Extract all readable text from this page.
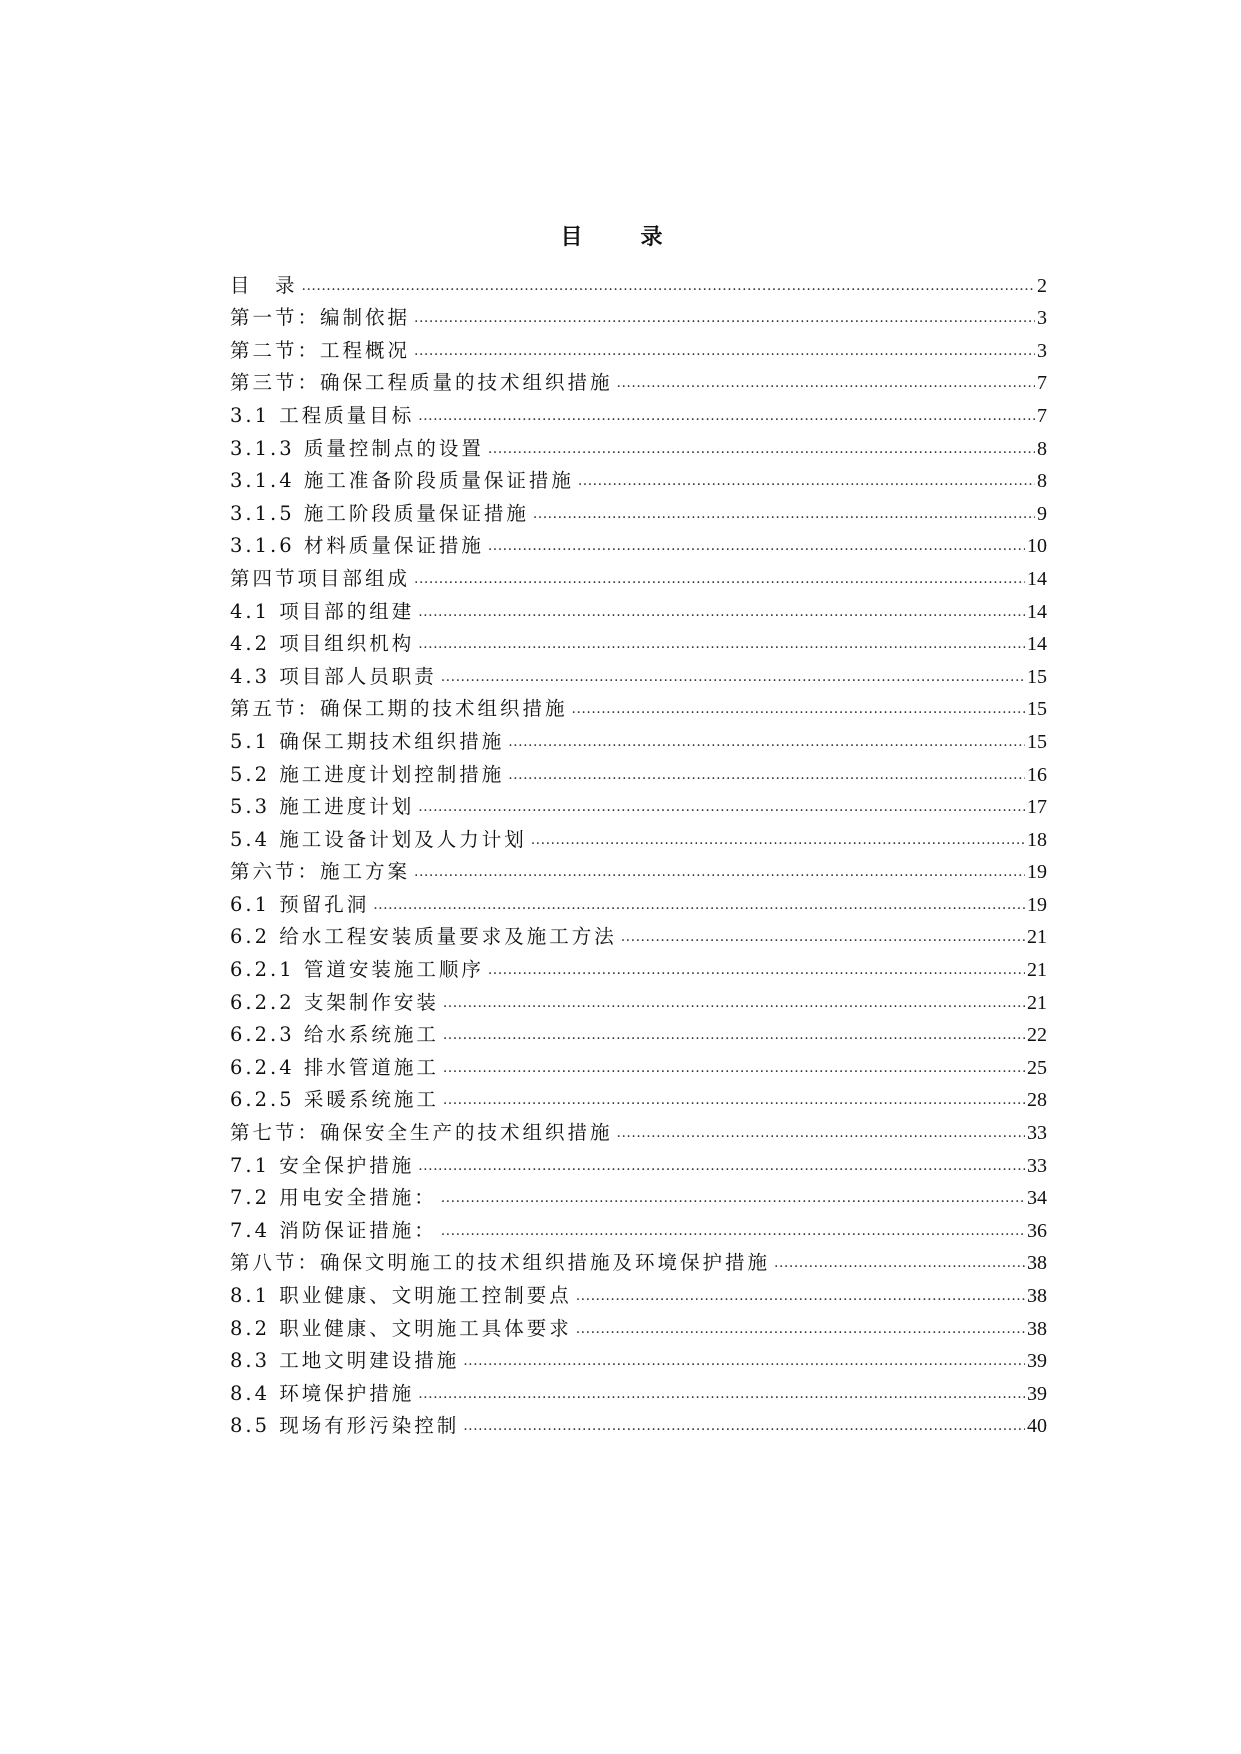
目　录
目　录 .....	2
第一节：编制依据 .....	3
第二节：工程概况 .....	3
第三节：确保工程质量的技术组织措施 .....	7
3.1 工程质量目标 .....	7
3.1.3 质量控制点的设置 .....	8
3.1.4 施工准备阶段质量保证措施 .....	8
3.1.5 施工阶段质量保证措施 .....	9
3.1.6 材料质量保证措施 .....	10
第四节项目部组成 .....	14
4.1 项目部的组建 .....	14
4.2 项目组织机构 .....	14
4.3 项目部人员职责 .....	15
第五节：确保工期的技术组织措施 .....	15
5.1 确保工期技术组织措施 .....	15
5.2 施工进度计划控制措施 .....	16
5.3 施工进度计划 .....	17
5.4 施工设备计划及人力计划 .....	18
第六节：施工方案 .....	19
6.1 预留孔洞 .....	19
6.2 给水工程安装质量要求及施工方法 .....	21
6.2.1 管道安装施工顺序 .....	21
6.2.2 支架制作安装 .....	21
6.2.3 给水系统施工 .....	22
6.2.4 排水管道施工 .....	25
6.2.5 采暖系统施工 .....	28
第七节：确保安全生产的技术组织措施 .....	33
7.1 安全保护措施 .....	33
7.2 用电安全措施： .....	34
7.4 消防保证措施： .....	36
第八节：确保文明施工的技术组织措施及环境保护措施 .....	38
8.1 职业健康、文明施工控制要点 .....	38
8.2 职业健康、文明施工具体要求 .....	38
8.3 工地文明建设措施 .....	39
8.4 环境保护措施 .....	39
8.5 现场有形污染控制 .....	40
